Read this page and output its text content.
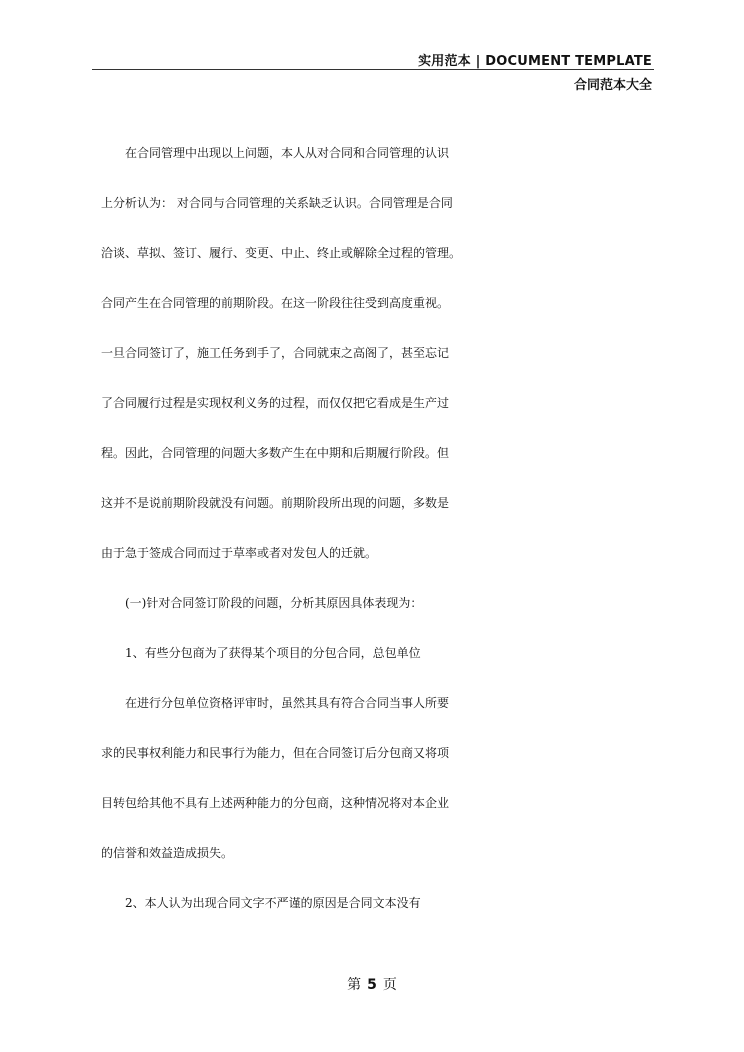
实用范本 | DOCUMENT TEMPLATE
合同范本大全
　　在合同管理中出现以上问题，本人从对合同和合同管理的认识
上分析认为： 对合同与合同管理的关系缺乏认识。合同管理是合同
洽谈、草拟、签订、履行、变更、中止、终止或解除全过程的管理。
合同产生在合同管理的前期阶段。在这一阶段往往受到高度重视。
一旦合同签订了，施工任务到手了，合同就束之高阁了，甚至忘记
了合同履行过程是实现权利义务的过程，而仅仅把它看成是生产过
程。因此，合同管理的问题大多数产生在中期和后期履行阶段。但
这并不是说前期阶段就没有问题。前期阶段所出现的问题，多数是
由于急于签成合同而过于草率或者对发包人的迁就。
　　(一)针对合同签订阶段的问题，分析其原因具体表现为：
　　1、有些分包商为了获得某个项目的分包合同，总包单位
　　在进行分包单位资格评审时，虽然其具有符合合同当事人所要
求的民事权利能力和民事行为能力，但在合同签订后分包商又将项
目转包给其他不具有上述两种能力的分包商，这种情况将对本企业
的信誉和效益造成损失。
　　2、本人认为出现合同文字不严谨的原因是合同文本没有
第 5 页
